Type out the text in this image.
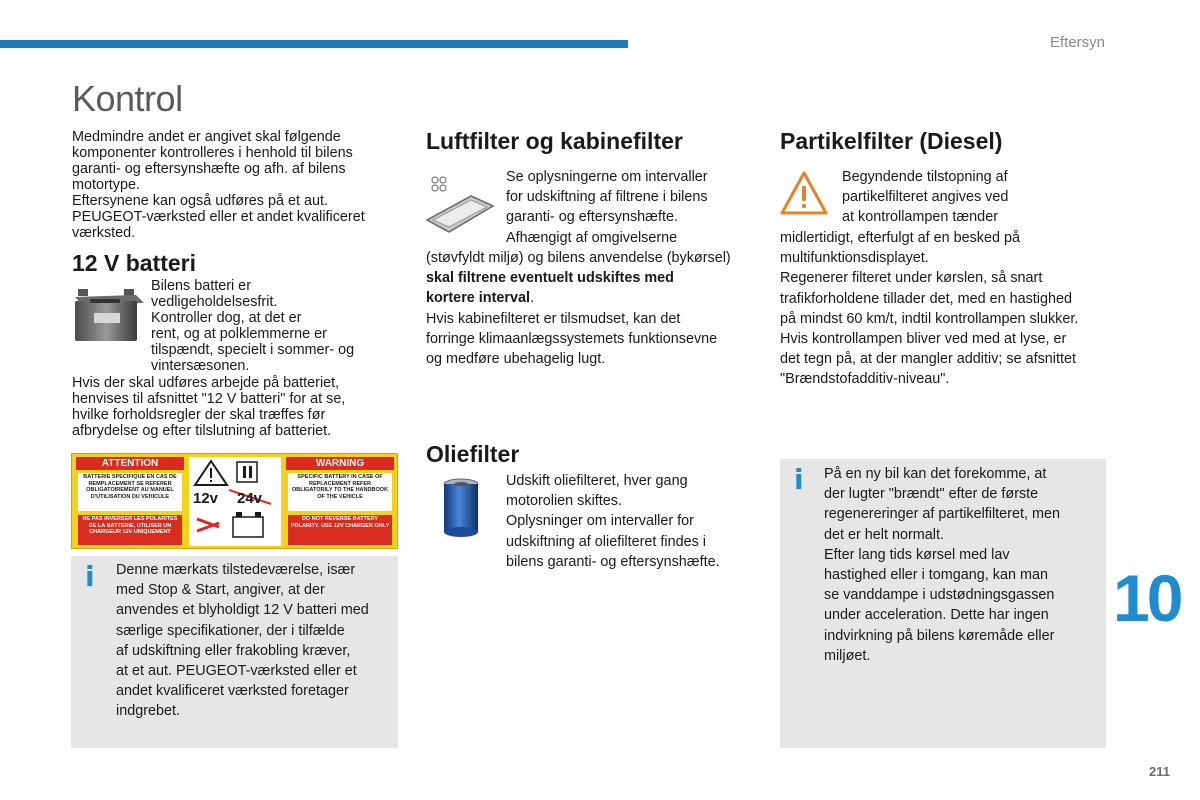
Eftersyn
Kontrol
Medmindre andet er angivet skal følgende
komponenter kontrolleres i henhold til bilens
garanti- og eftersynshæfte og afh. af bilens
motortype.
Eftersynene kan også udføres på et aut.
PEUGEOT-værksted eller et andet kvalificeret
værksted.
12 V batteri
Bilens batteri er
vedligeholdelsesfrit.
Kontroller dog, at det er
rent, og at polklemmerne er
tilspændt, specielt i sommer- og
vintersæsonen.
Hvis der skal udføres arbejde på batteriet,
henvises til afsnittet "12 V batteri" for at se,
hvilke forholdsregler der skal træffes før
afbrydelse og efter tilslutning af batteriet.
ATTENTION	WARNING
BATTERIE SPECIFIQUE EN CAS DE REMPLACEMENT SE REFERER OBLIGATOIREMENT AU MANUEL D'UTILISATION DU VEHICULE
SPECIFIC BATTERY IN CASE OF REPLACEMENT REFER OBLIGATORILY TO THE HANDBOOK OF THE VEHICLE
NE PAS INVERSER LES POLARITES DE LA BATTERIE, UTILISER UN CHARGEUR 12V UNIQUEMENT
DO NOT REVERSE BATTERY POLARITY. USE 12V CHARGER ONLY
12v 24v
i Denne mærkats tilstedeværelse, især
med Stop & Start, angiver, at der
anvendes et blyholdigt 12 V batteri med
særlige specifikationer, der i tilfælde
af udskiftning eller frakobling kræver,
at et aut. PEUGEOT-værksted eller et
andet kvalificeret værksted foretager
indgrebet.
Luftfilter og kabinefilter
Se oplysningerne om intervaller
for udskiftning af filtrene i bilens
garanti- og eftersynshæfte.
Afhængigt af omgivelserne
(støvfyldt miljø) og bilens anvendelse (bykørsel)
skal filtrene eventuelt udskiftes med
kortere interval.
Hvis kabinefilteret er tilsmudset, kan det
forringe klimaanlægssystemets funktionsevne
og medføre ubehagelig lugt.
Oliefilter
Udskift oliefilteret, hver gang
motorolien skiftes.
Oplysninger om intervaller for
udskiftning af oliefilteret findes i
bilens garanti- og eftersynshæfte.
Partikelfilter (Diesel)
Begyndende tilstopning af
partikelfilteret angives ved
at kontrollampen tænder
midlertidigt, efterfulgt af en besked på
multifunktionsdisplayet.
Regenerer filteret under kørslen, så snart
trafikforholdene tillader det, med en hastighed
på mindst 60 km/t, indtil kontrollampen slukker.
Hvis kontrollampen bliver ved med at lyse, er
det tegn på, at der mangler additiv; se afsnittet
"Brændstofadditiv-niveau".
i På en ny bil kan det forekomme, at
der lugter "brændt" efter de første
regenereringer af partikelfilteret, men
det er helt normalt.
Efter lang tids kørsel med lav
hastighed eller i tomgang, kan man
se vanddampe i udstødningsgassen
under acceleration. Dette har ingen
indvirkning på bilens køremåde eller
miljøet.
10
211
